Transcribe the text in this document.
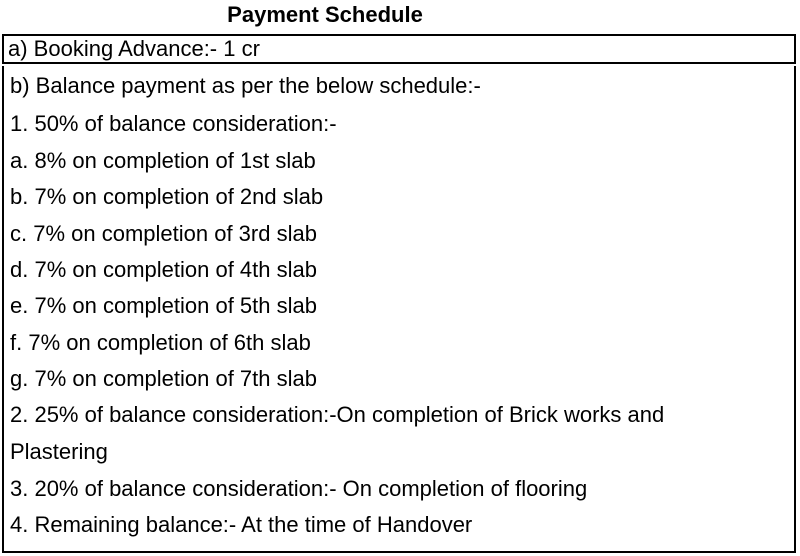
Payment Schedule
a) Booking Advance:- 1 cr
b) Balance payment as per the below schedule:-
1. 50% of balance consideration:-
a. 8% on completion of 1st slab
b. 7% on completion of 2nd slab
c. 7% on completion of 3rd slab
d. 7% on completion of 4th slab
e. 7% on completion of 5th slab
f. 7% on completion of 6th slab
g. 7% on completion of 7th slab
2. 25% of balance consideration:-On completion of Brick works and
Plastering
3. 20% of balance consideration:- On completion of flooring
4. Remaining balance:- At the time of Handover
